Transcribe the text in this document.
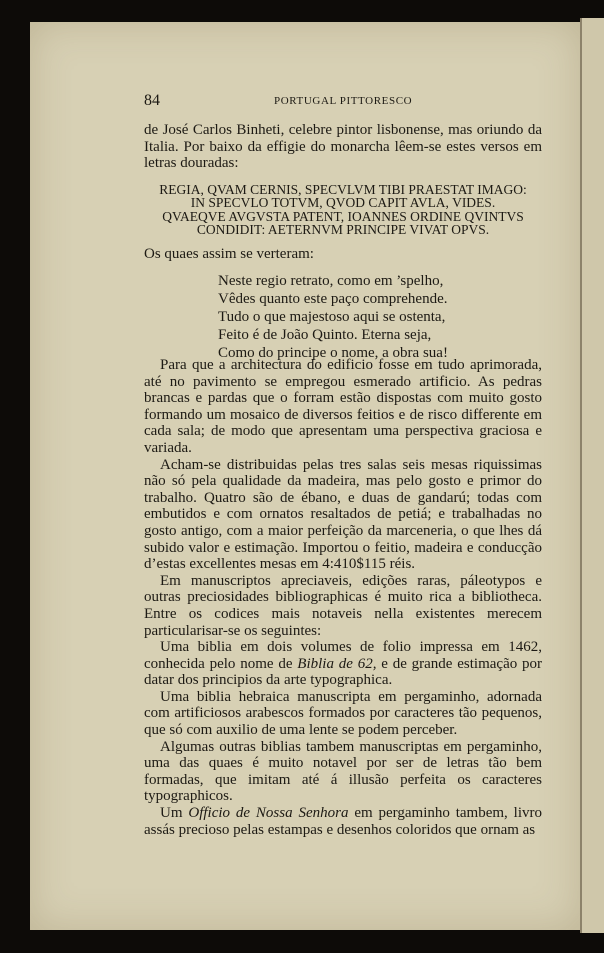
84	PORTUGAL PITTORESCO

de José Carlos Binheti, celebre pintor lisbonense, mas oriundo da Italia. Por baixo da effigie do monarcha lêem-se estes versos em letras douradas:

REGIA, QVAM CERNIS, SPECVLVM TIBI PRAESTAT IMAGO:
IN SPECVLO TOTVM, QVOD CAPIT AVLA, VIDES.
QVAEQVE AVGVSTA PATENT, IOANNES ORDINE QVINTVS
CONDIDIT: AETERNVM PRINCIPE VIVAT OPVS.

Os quaes assim se verteram:

Neste regio retrato, como em ’spelho,
Vêdes quanto este paço comprehende.
Tudo o que majestoso aqui se ostenta,
Feito é de João Quinto. Eterna seja,
Como do principe o nome, a obra sua!

Para que a architectura do edificio fosse em tudo aprimorada, até no pavimento se empregou esmerado artificio. As pedras brancas e pardas que o forram estão dispostas com muito gosto formando um mosaico de diversos feitios e de risco differente em cada sala; de modo que apresentam uma perspectiva graciosa e variada.

Acham-se distribuidas pelas tres salas seis mesas riquissimas não só pela qualidade da madeira, mas pelo gosto e primor do trabalho. Quatro são de ébano, e duas de gandarú; todas com embutidos e com ornatos resaltados de petiá; e trabalhadas no gosto antigo, com a maior perfeição da marceneria, o que lhes dá subido valor e estimação. Importou o feitio, madeira e conducção d’estas excellentes mesas em 4:410$115 réis.

Em manuscriptos apreciaveis, edições raras, páleotypos e outras preciosidades bibliographicas é muito rica a bibliotheca. Entre os codices mais notaveis nella existentes merecem particularisar-se os seguintes:

Uma biblia em dois volumes de folio impressa em 1462, conhecida pelo nome de Biblia de 62, e de grande estimação por datar dos principios da arte typographica.

Uma biblia hebraica manuscripta em pergaminho, adornada com artificiosos arabescos formados por caracteres tão pequenos, que só com auxilio de uma lente se podem perceber.

Algumas outras biblias tambem manuscriptas em pergaminho, uma das quaes é muito notavel por ser de letras tão bem formadas, que imitam até á illusão perfeita os caracteres typographicos.

Um Officio de Nossa Senhora em pergaminho tambem, livro assás precioso pelas estampas e desenhos coloridos que ornam as
